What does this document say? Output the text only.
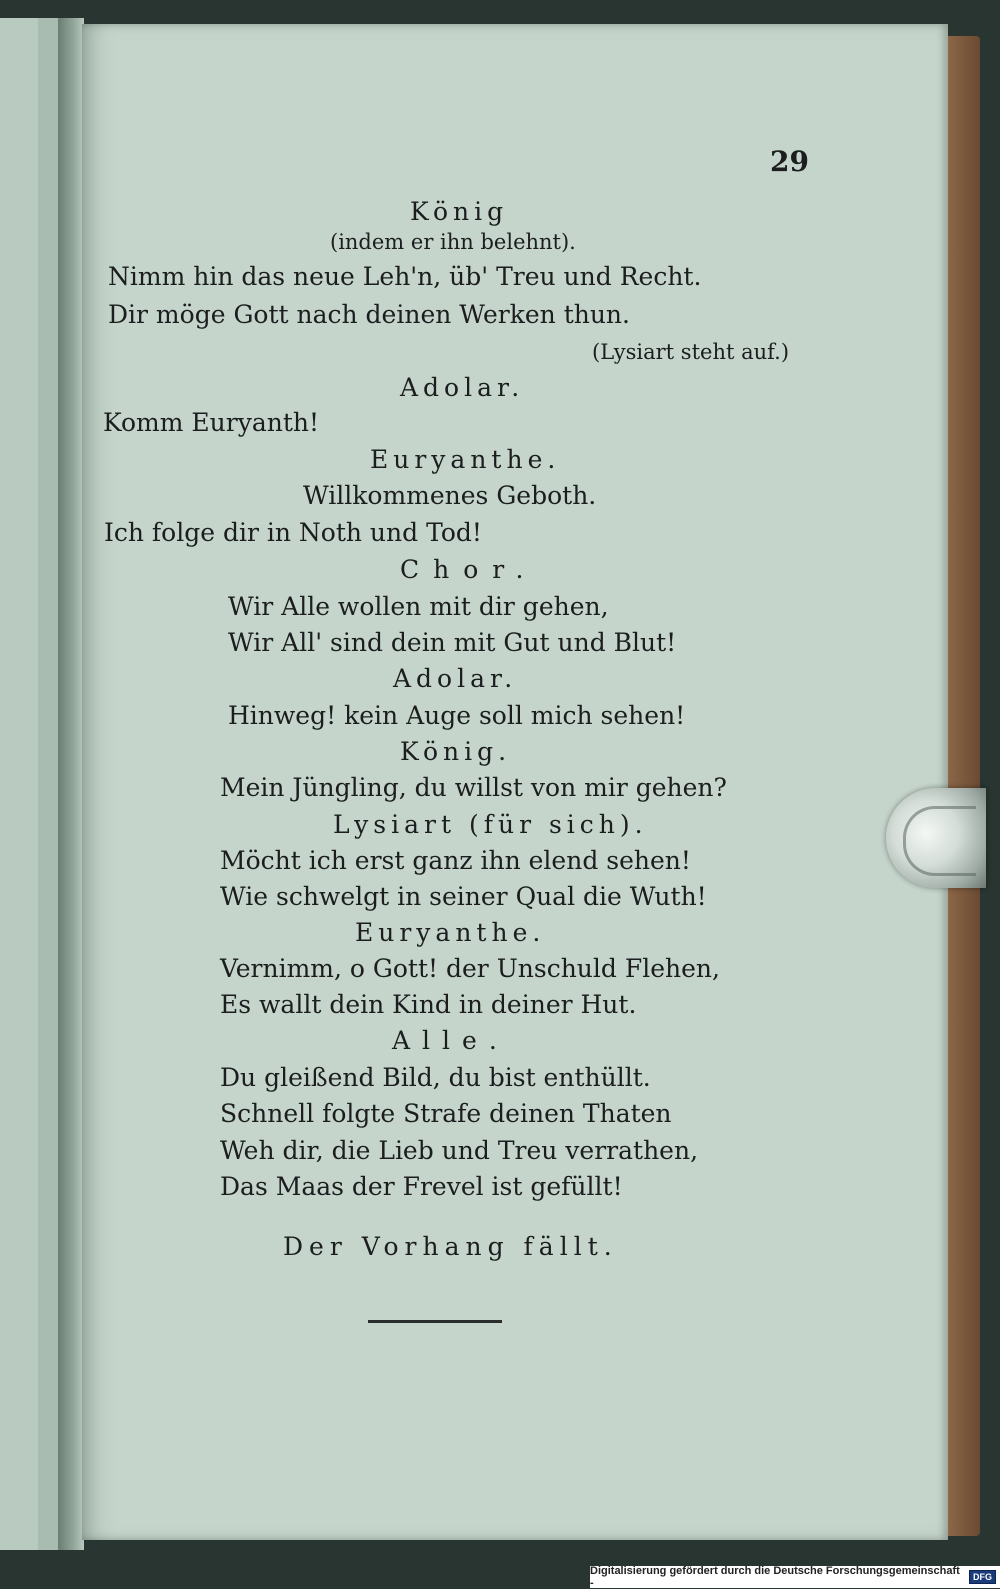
29
König
(indem er ihn belehnt).
Nimm hin das neue Leh'n, üb' Treu und Recht.
Dir möge Gott nach deinen Werken thun.
(Lysiart steht auf.)
Adolar.
Komm Euryanth!
Euryanthe.
Willkommenes Geboth.
Ich folge dir in Noth und Tod!
Chor.
Wir Alle wollen mit dir gehen,
Wir All' sind dein mit Gut und Blut!
Adolar.
Hinweg! kein Auge soll mich sehen!
König.
Mein Jüngling, du willst von mir gehen?
Lysiart (für sich).
Möcht ich erst ganz ihn elend sehen!
Wie schwelgt in seiner Qual die Wuth!
Euryanthe.
Vernimm, o Gott! der Unschuld Flehen,
Es wallt dein Kind in deiner Hut.
Alle.
Du gleißend Bild, du bist enthüllt.
Schnell folgte Strafe deinen Thaten
Weh dir, die Lieb und Treu verrathen,
Das Maas der Frevel ist gefüllt!
Der Vorhang fällt.
Digitalisierung gefördert durch die Deutsche Forschungsgemeinschaft -	DFG
